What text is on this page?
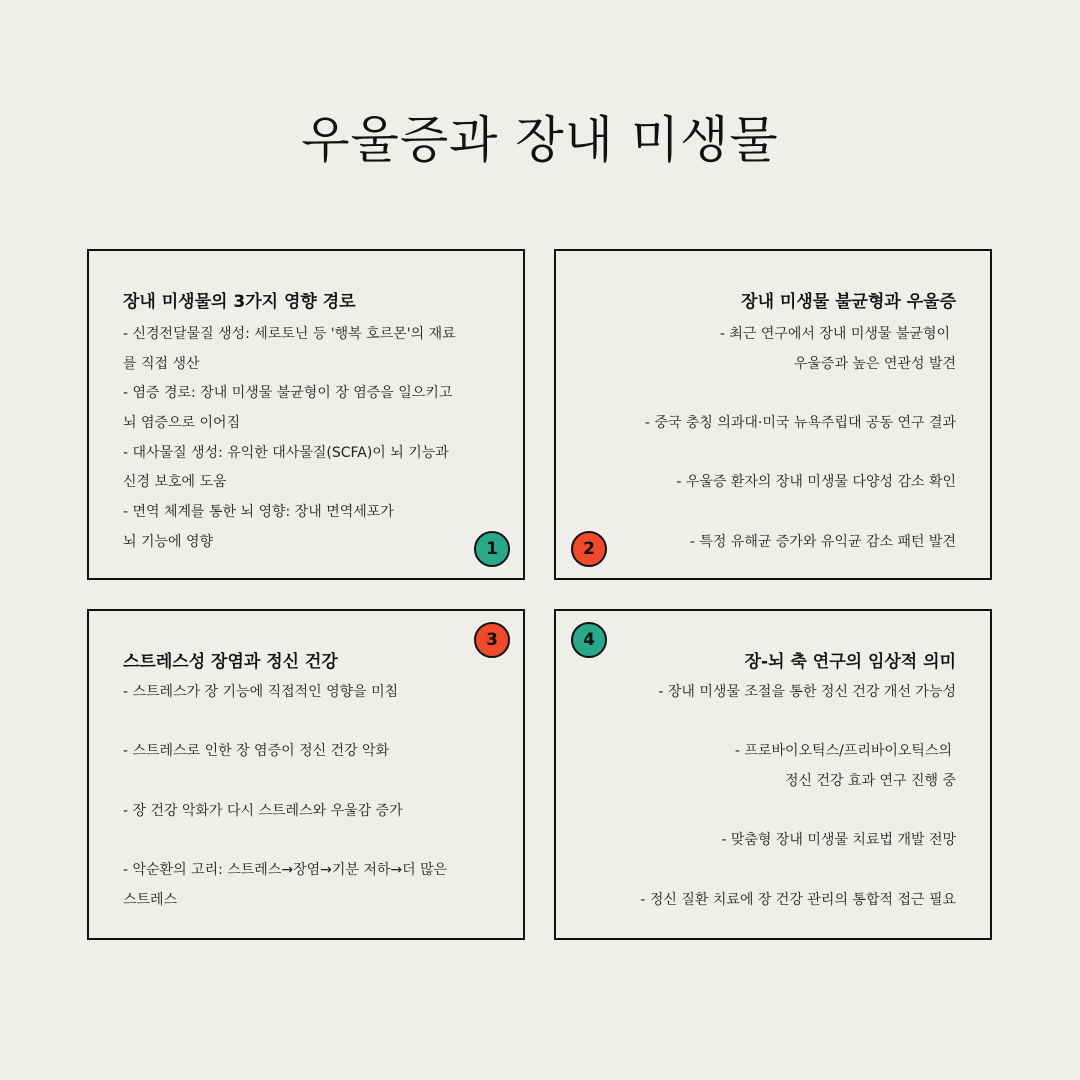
우울증과 장내 미생물
장내 미생물의 3가지 영향 경로
- 신경전달물질 생성: 세로토닌 등 '행복 호르몬'의 재료
를 직접 생산
- 염증 경로: 장내 미생물 불균형이 장 염증을 일으키고
뇌 염증으로 이어짐
- 대사물질 생성: 유익한 대사물질(SCFA)이 뇌 기능과
신경 보호에 도움
- 면역 체계를 통한 뇌 영향: 장내 면역세포가
뇌 기능에 영향	1
장내 미생물 불균형과 우울증
- 최근 연구에서 장내 미생물 불균형이
우울증과 높은 연관성 발견
- 중국 충칭 의과대·미국 뉴욕주립대 공동 연구 결과
- 우울증 환자의 장내 미생물 다양성 감소 확인
- 특정 유해균 증가와 유익균 감소 패턴 발견
2
스트레스성 장염과 정신 건강
- 스트레스가 장 기능에 직접적인 영향을 미침
- 스트레스로 인한 장 염증이 정신 건강 악화
- 장 건강 악화가 다시 스트레스와 우울감 증가
- 악순환의 고리: 스트레스→장염→기분 저하→더 많은
스트레스
3
장-뇌 축 연구의 임상적 의미
- 장내 미생물 조절을 통한 정신 건강 개선 가능성
- 프로바이오틱스/프리바이오틱스의
정신 건강 효과 연구 진행 중
- 맞춤형 장내 미생물 치료법 개발 전망
- 정신 질환 치료에 장 건강 관리의 통합적 접근 필요
4
